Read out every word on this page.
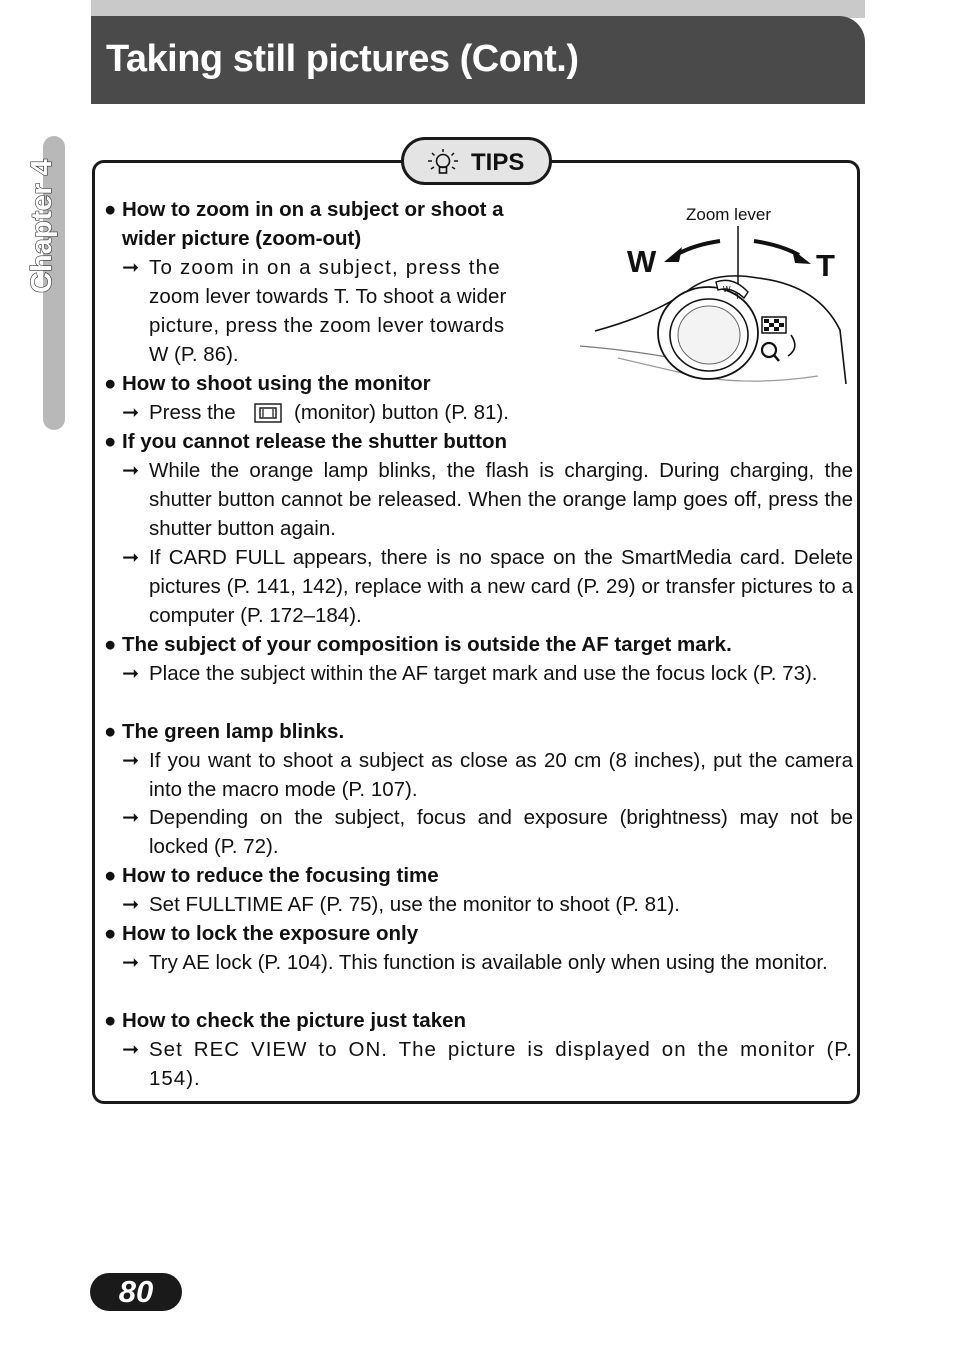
Taking still pictures (Cont.)
Chapter 4	TIPS
Zoom lever
W	T
W
T
● How to zoom in on a subject or shoot a
wider picture (zoom-out)
➞ To zoom in on a subject, press the
zoom lever towards T. To shoot a wider
picture, press the zoom lever towards
W (P. 86).
● How to shoot using the monitor
➞ Press the	(monitor) button (P. 81).
● If you cannot release the shutter button
➞ While the orange lamp blinks, the flash is charging. During charging, the shutter button cannot be released. When the orange lamp goes off, press the shutter button again.
➞ If CARD FULL appears, there is no space on the SmartMedia card. Delete pictures (P. 141, 142), replace with a new card (P. 29) or transfer pictures to a computer (P. 172–184).
● The subject of your composition is outside the AF target mark.
➞ Place the subject within the AF target mark and use the focus lock (P. 73).
● The green lamp blinks.
➞ If you want to shoot a subject as close as 20 cm (8 inches), put the camera into the macro mode (P. 107).
➞ Depending on the subject, focus and exposure (brightness) may not be locked (P. 72).
● How to reduce the focusing time
➞ Set FULLTIME AF (P. 75), use the monitor to shoot (P. 81).
● How to lock the exposure only
➞ Try AE lock (P. 104). This function is available only when using the monitor.
● How to check the picture just taken
➞ Set REC VIEW to ON. The picture is displayed on the monitor (P. 154).
80
